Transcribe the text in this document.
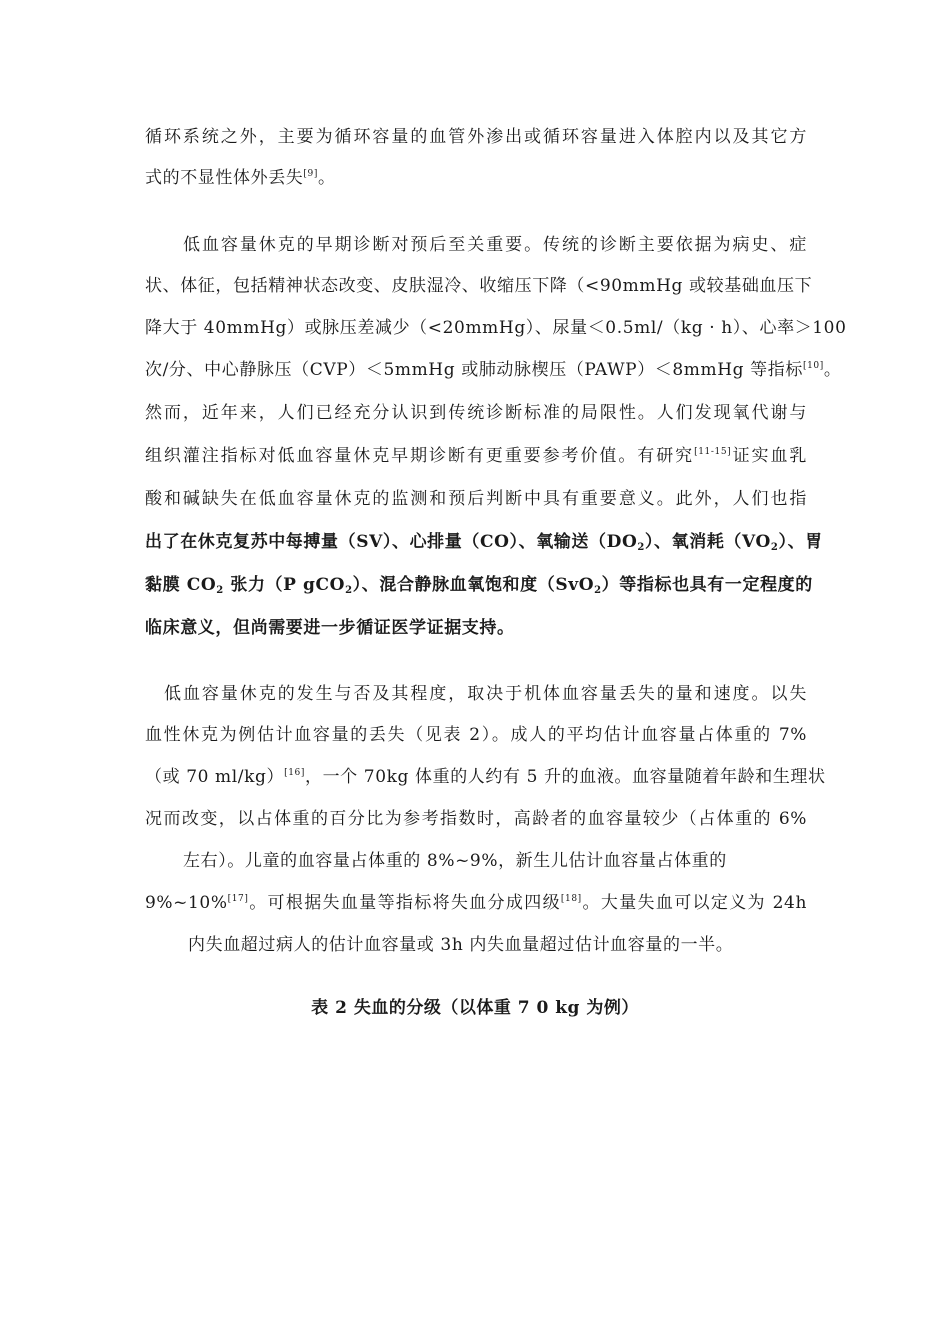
循环系统之外，主要为循环容量的血管外渗出或循环容量进入体腔内以及其它方
式的不显性体外丢失[9]。
低血容量休克的早期诊断对预后至关重要。传统的诊断主要依据为病史、症
状、体征，包括精神状态改变、皮肤湿冷、收缩压下降（<90mmHg 或较基础血压下
降大于 40mmHg）或脉压差减少（<20mmHg）、尿量＜0.5ml/（kg · h）、心率＞100
次/分、中心静脉压（CVP）＜5mmHg 或肺动脉楔压（PAWP）＜8mmHg 等指标[10]。
然而，近年来，人们已经充分认识到传统诊断标准的局限性。人们发现氧代谢与
组织灌注指标对低血容量休克早期诊断有更重要参考价值。有研究[11-15]证实血乳
酸和碱缺失在低血容量休克的监测和预后判断中具有重要意义。此外，人们也指
出了在休克复苏中每搏量（SV）、心排量（CO）、氧输送$(DO_2)$、氧消耗$(VO_2)$、胃
黏膜 $CO_2$ 张力（P gCO$_2$）、混合静脉血氧饱和度（SvO$_2$）等指标也具有一定程度的
临床意义，但尚需要进一步循证医学证据支持。
低血容量休克的发生与否及其程度，取决于机体血容量丢失的量和速度。以失
血性休克为例估计血容量的丢失（见表 2）。成人的平均估计血容量占体重的 7%
（或 70 ml/kg）[16]，一个 70kg 体重的人约有 5 升的血液。血容量随着年龄和生理状
况而改变，以占体重的百分比为参考指数时，高龄者的血容量较少（占体重的 6%
左右）。儿童的血容量占体重的 8%~9%，新生儿估计血容量占体重的
9%~10%[17]。可根据失血量等指标将失血分成四级[18]。大量失血可以定义为 24h
内失血超过病人的估计血容量或 3h 内失血量超过估计血容量的一半。
表 2 失血的分级（以体重 7 0 kg 为例）
